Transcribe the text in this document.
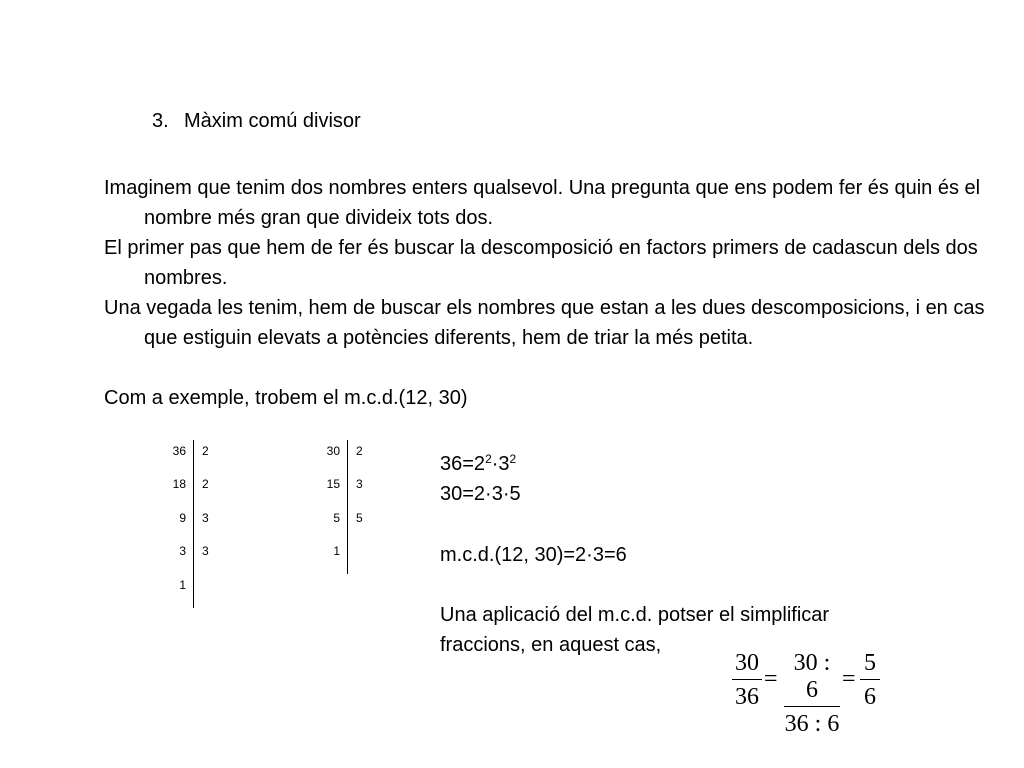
3. Màxim comú divisor
Imaginem que tenim dos nombres enters qualsevol. Una pregunta que ens podem fer és quin és el nombre més gran que divideix tots dos.
El primer pas que hem de fer és buscar la descomposició en factors primers de cadascun dels dos nombres.
Una vegada les tenim, hem de buscar els nombres que estan a les dues descomposicions, i en cas que estiguin elevats a potències diferents, hem de triar la més petita.
Com a exemple, trobem el m.c.d.(12, 30)
36
18
9
3
1
2
2
3
3
30
15
5
1
2
3
5
$36=2^2\cdot 3^2$
30=2·3·5
m.c.d.(12, 30)=2·3=6
Una aplicació del m.c.d. potser el simplificar fraccions, en aquest cas,
$\frac{30}{36} = \frac{30 : 6}{36 : 6} = \frac{5}{6}$
